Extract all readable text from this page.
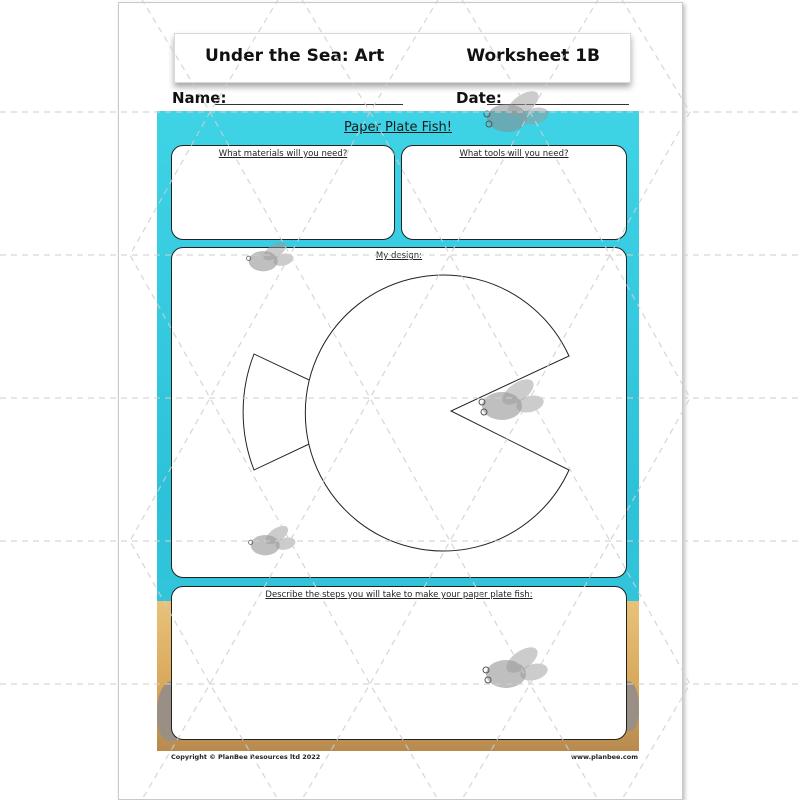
Under the Sea: Art	Worksheet 1B
Name:	Date:
Paper Plate Fish!
What materials will you need?	What tools will you need?
My design:
Describe the steps you will take to make your paper plate fish:
Copyright © PlanBee Resources ltd 2022	www.planbee.com
